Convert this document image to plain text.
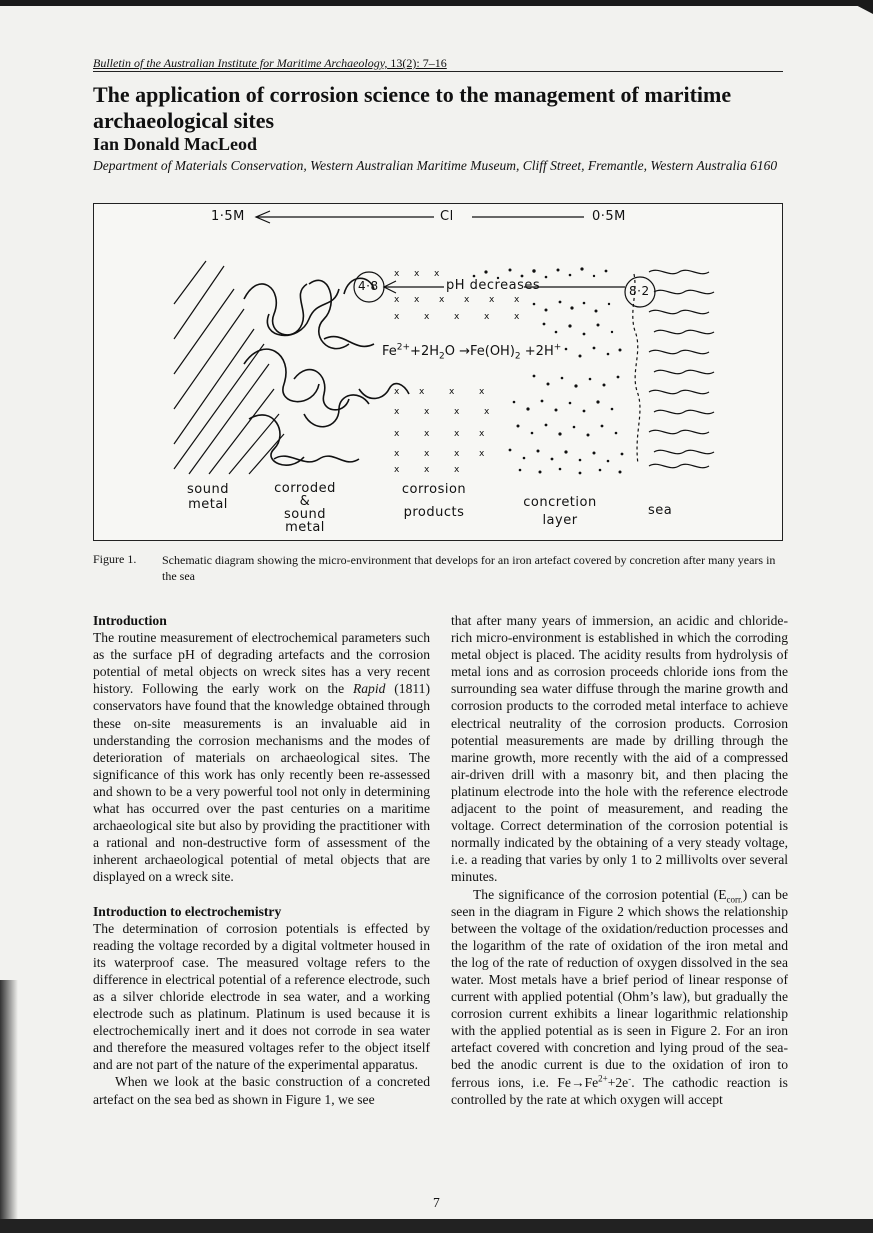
Bulletin of the Australian Institute for Maritime Archaeology, 13(2): 7–16
The application of corrosion science to the management of maritime archaeological sites
Ian Donald MacLeod
Department of Materials Conservation, Western Australian Maritime Museum, Cliff Street, Fremantle, Western Australia 6160
x x x
x x x x x x
x	x	x	x	x
x x	x	x
x	x	x	x
x	x	x x
x	x	x x
x	x	x
1·5M	Cl	0·5M
4·8	pH decreases	8·2
$Fe^{2+}+2H_2O \to Fe(OH)_2 +2H^+$
sound
metal
corroded
&
sound
metal
corrosion
products
concretion
layer
sea
Figure 1. Schematic diagram showing the micro-environment that develops for an iron artefact covered by concretion after many years in the sea
Introduction

The routine measurement of electrochemical parameters such as the surface pH of degrading artefacts and the corrosion potential of metal objects on wreck sites has a very recent history. Following the early work on the Rapid (1811) conservators have found that the knowledge obtained through these on-site measurements is an invaluable aid in understanding the corrosion mechanisms and the modes of deterioration of materials on archaeological sites. The significance of this work has only recently been re-assessed and shown to be a very powerful tool not only in determining what has occurred over the past centuries on a maritime archaeological site but also by providing the practitioner with a rational and non-destructive form of assessment of the inherent archaeological potential of metal objects that are displayed on a wreck site.

Introduction to electrochemistry

The determination of corrosion potentials is effected by reading the voltage recorded by a digital voltmeter housed in its waterproof case. The measured voltage refers to the difference in electrical potential of a reference electrode, such as a silver chloride electrode in sea water, and a working electrode such as platinum. Platinum is used because it is electrochemically inert and it does not corrode in sea water and therefore the measured voltages refer to the object itself and are not part of the nature of the experimental apparatus.

When we look at the basic construction of a concreted artefact on the sea bed as shown in Figure 1, we see

that after many years of immersion, an acidic and chloride-rich micro-environment is established in which the corroding metal object is placed. The acidity results from hydrolysis of metal ions and as corrosion proceeds chloride ions from the surrounding sea water diffuse through the marine growth and corrosion products to the corroded metal interface to achieve electrical neutrality of the corrosion products. Corrosion potential measurements are made by drilling through the marine growth, more recently with the aid of a compressed air-driven drill with a masonry bit, and then placing the platinum electrode into the hole with the reference electrode adjacent to the point of measurement, and reading the voltage. Correct determination of the corrosion potential is normally indicated by the obtaining of a very steady voltage, i.e. a reading that varies by only 1 to 2 millivolts over several minutes.

The significance of the corrosion potential $(E_{corr.})$ can be seen in the diagram in Figure 2 which shows the relationship between the voltage of the oxidation/reduction processes and the logarithm of the rate of oxidation of the iron metal and the log of the rate of reduction of oxygen dissolved in the sea water. Most metals have a brief period of linear response of current with applied potential (Ohm’s law), but gradually the corrosion current exhibits a linear logarithmic relationship with the applied potential as is seen in Figure 2. For an iron artefact covered with concretion and lying proud of the sea-bed the anodic current is due to the oxidation of iron to ferrous ions, i.e. $Fe\to Fe^{2+}+2e^-$. The cathodic reaction is controlled by the rate at which oxygen will accept

7
